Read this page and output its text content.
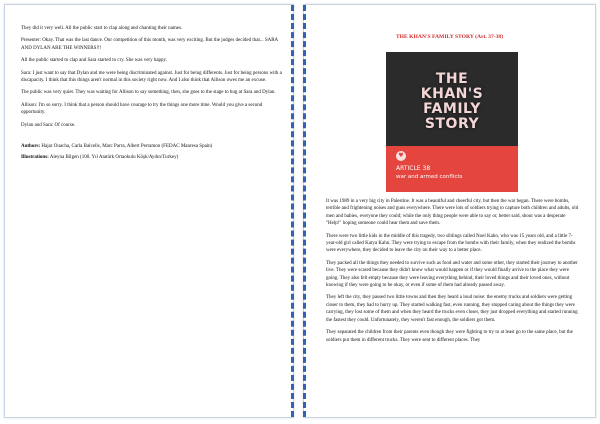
They did it very well. All the public start to clap along and chanting their names.

Presenter: Okay. That was the last dance. Our competition of this month, was very exciting. But the judges decided that... SARA AND DYLAN ARE THE WINNERS!!!

All the public started to clap and Sara started to cry. She was very happy.

Sara: I just want to say that Dylan and me were being discriminated against. Just for being differents. Just for being persons with a discapacity. I think that this things aren't normal in this society right now. And I also think that Allison owes me an excuse.

The public was very quiet. They was waiting for Allison to say something, then, she goes to the stage to hug at Sara and Dylan.

Allison: I'm so sorry. I think that a person should have courage to try the things one more time. Would you give a second opportunity.

Dylan and Sara: Of course.

Authors: Hajar Ouacha, Carla Balcells, Marc Parra, Albert Perramon (FEDAC Manresa Spain)

Illustrations: Aleyna Bilgen (100. Yıl Atatürk Ortaokulu Köşk/Aydın/Turkey)

THE KHAN'S FAMILY STORY (Art. 37-38)
THE
KHAN'S
FAMILY
STORY
♥
ARTICLE 38
war and armed conflicts

It was 1989 in a very big city in Palestine. It was a beautiful and cheerful city, but then the war began. There were bombs, terrible and frightening noises and guns everywhere. There were lots of soldiers trying to capture both children and adults, old men and babies, everyone they could; while the only thing people were able to say or, better said, shout was a desperate "Help!" hoping someone could hear them and save them.

There were two little kids in the middle of this tragedy, two siblings called Noel Kahn, who was 15 years old, and a little 7-year-old girl called Katya Kahn. They were trying to escape from the bombs with their family, when they realized the bombs were everywhere, they decided to leave the city on their way to a better place.

They packed all the things they needed to survive such as food and water and some other, they started their journey to another live. They were scared because they didn't know what would happen or if they would finally arrive to the place they were going. They also felt empty because they were leaving everything behind, their loved things and their loved ones, without knowing if they were going to be okay, or even if some of them had already passed away.

They left the city, they passed two little towns and then they heard a loud noise: the enemy trucks and soldiers were getting closer to them, they had to hurry up. They started walking fast, even running, they stopped caring about the things they were carrying, they lost some of them and when they heard the trucks even closer, they just dropped everything and started running the fastest they could. Unfortunately, they weren't fast enough, the soldiers got them.

They separated the children from their parents even though they were fighting to try to at least go to the same place, but the soldiers put them in different trucks. They were sent to different places. They
